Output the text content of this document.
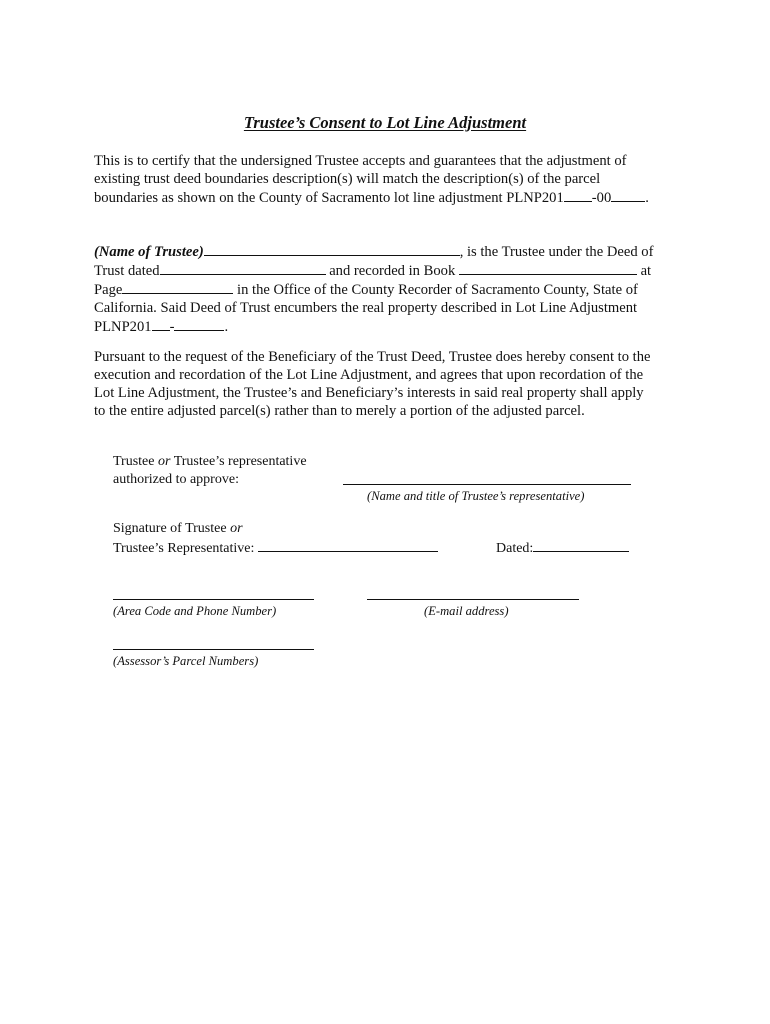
Trustee’s Consent to Lot Line Adjustment
This is to certify that the undersigned Trustee accepts and guarantees that the adjustment of
existing trust deed boundaries description(s) will match the description(s) of the parcel
boundaries as shown on the County of Sacramento lot line adjustment PLNP201 -00 .
(Name of Trustee)	, is the Trustee under the Deed of
Trust dated	and recorded in Book	at
Page	in the Office of the County Recorder of Sacramento County, State of
California. Said Deed of Trust encumbers the real property described in Lot Line Adjustment
PLNP201 -	.
Pursuant to the request of the Beneficiary of the Trust Deed, Trustee does hereby consent to the
execution and recordation of the Lot Line Adjustment, and agrees that upon recordation of the
Lot Line Adjustment, the Trustee’s and Beneficiary’s interests in said real property shall apply
to the entire adjusted parcel(s) rather than to merely a portion of the adjusted parcel.
Trustee or Trustee’s representative
authorized to approve:
(Name and title of Trustee’s representative)
Signature of Trustee or
Trustee’s Representative:	Dated:
(Area Code and Phone Number)	(E-mail address)
(Assessor’s Parcel Numbers)
